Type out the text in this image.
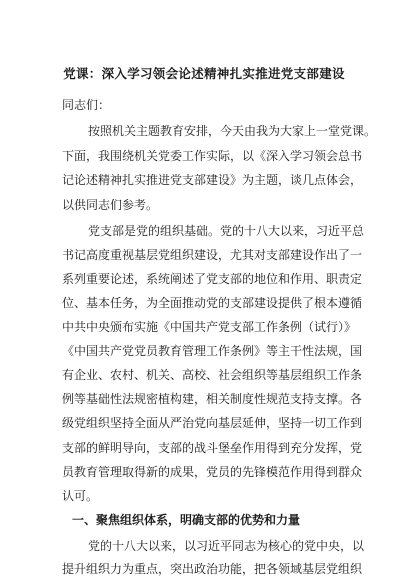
党课：深入学习领会论述精神扎实推进党支部建设

同志们：

按照机关主题教育安排，今天由我为大家上一堂党课。

下面，我围绕机关党委工作实际，以《深入学习领会总书

记论述精神扎实推进党支部建设》为主题，谈几点体会，

以供同志们参考。

党支部是党的组织基础。党的十八大以来，习近平总

书记高度重视基层党组织建设，尤其对支部建设作出了一

系列重要论述，系统阐述了党支部的地位和作用、职责定

位、基本任务，为全面推动党的支部建设提供了根本遵循

中共中央颁布实施《中国共产党支部工作条例（试行）》

《中国共产党党员教育管理工作条例》等主干性法规，国

有企业、农村、机关、高校、社会组织等基层组织工作条

例等基础性法规密植构建，相关制度性规范支持支撑。各

级党组织坚持全面从严治党向基层延伸，坚持一切工作到

支部的鲜明导向，支部的战斗堡垒作用得到充分发挥，党

员教育管理取得新的成果，党员的先锋模范作用得到群众

认可。

一、聚焦组织体系，明确支部的优势和力量

党的十八大以来，以习近平同志为核心的党中央，以

提升组织力为重点，突出政治功能，把各领域基层党组织
